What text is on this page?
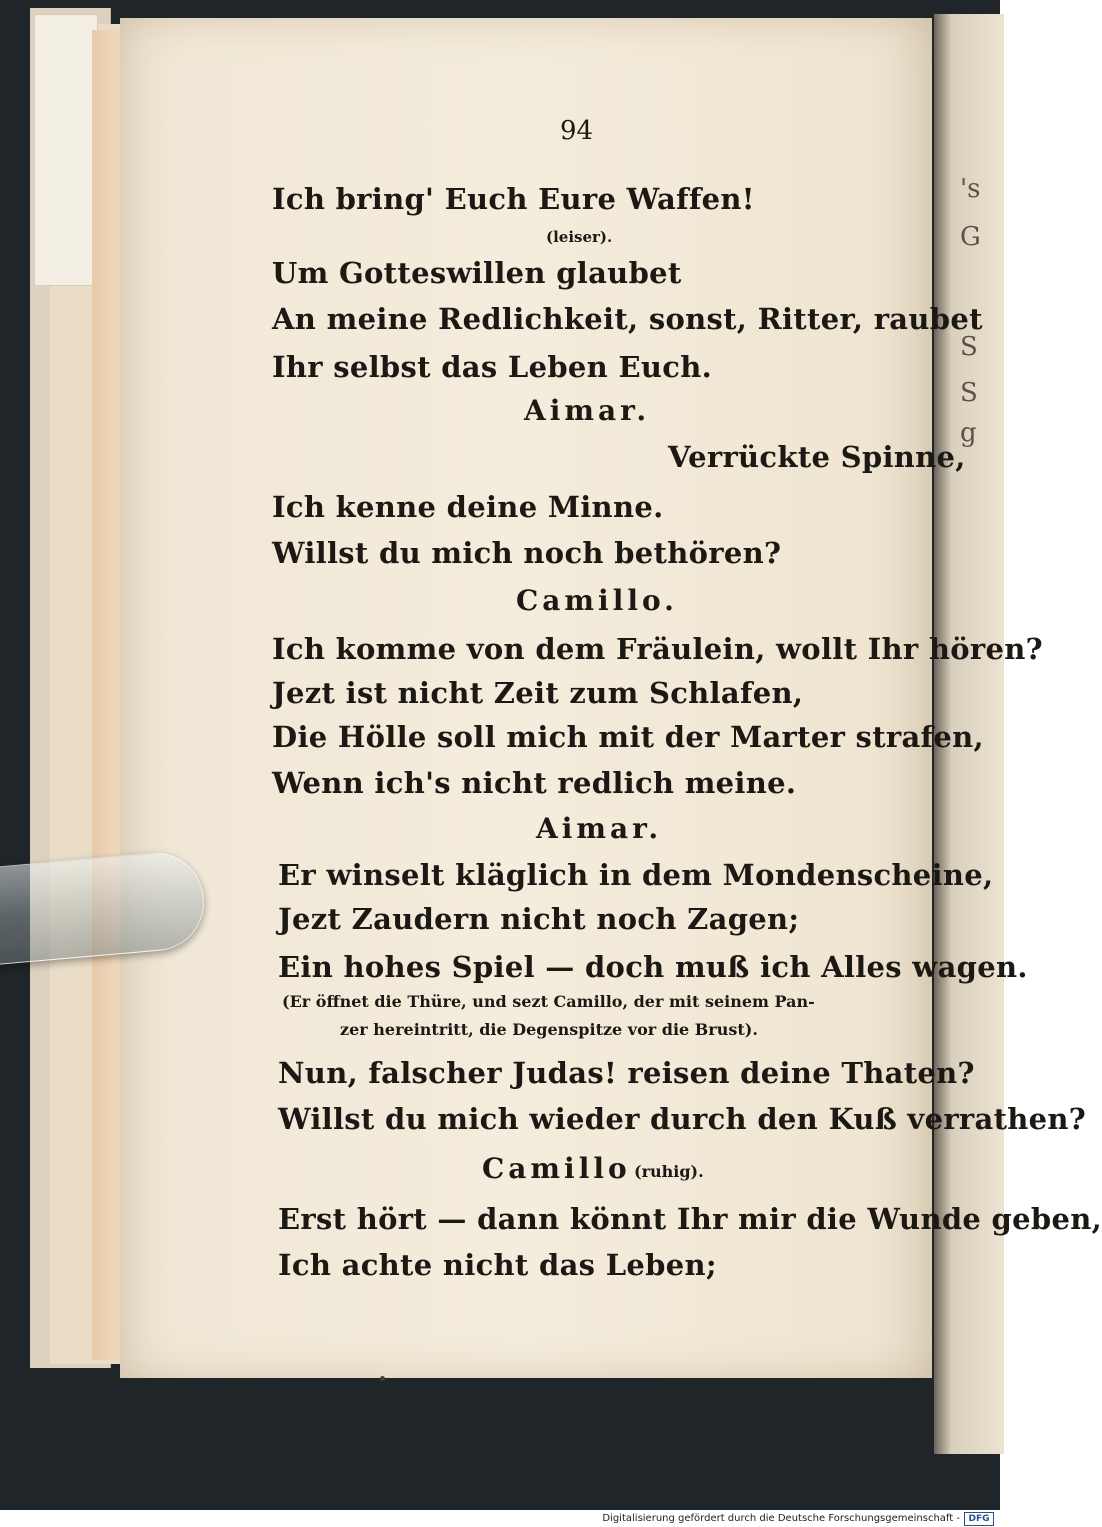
's
G
S
S
g
94
Ich bring' Euch Eure Waffen!
(leiser).
Um Gotteswillen glaubet
An meine Redlichkeit, sonst, Ritter, raubet
Ihr selbst das Leben Euch.
Aimar.
Verrückte Spinne,
Ich kenne deine Minne.
Willst du mich noch bethören?
Camillo.
Ich komme von dem Fräulein, wollt Ihr hören?
Jezt ist nicht Zeit zum Schlafen,
Die Hölle soll mich mit der Marter strafen,
Wenn ich's nicht redlich meine.
Aimar.
Er winselt kläglich in dem Mondenscheine,
Jezt Zaudern nicht noch Zagen;
Ein hohes Spiel — doch muß ich Alles wagen.
(Er öffnet die Thüre, und sezt Camillo, der mit seinem Pan-
zer hereintritt, die Degenspitze vor die Brust).
Nun, falscher Judas! reisen deine Thaten?
Willst du mich wieder durch den Kuß verrathen?
Camillo (ruhig).
Erst hört — dann könnt Ihr mir die Wunde geben,
Ich achte nicht das Leben;
Digitalisierung gefördert durch die Deutsche Forschungsgemeinschaft - DFG
